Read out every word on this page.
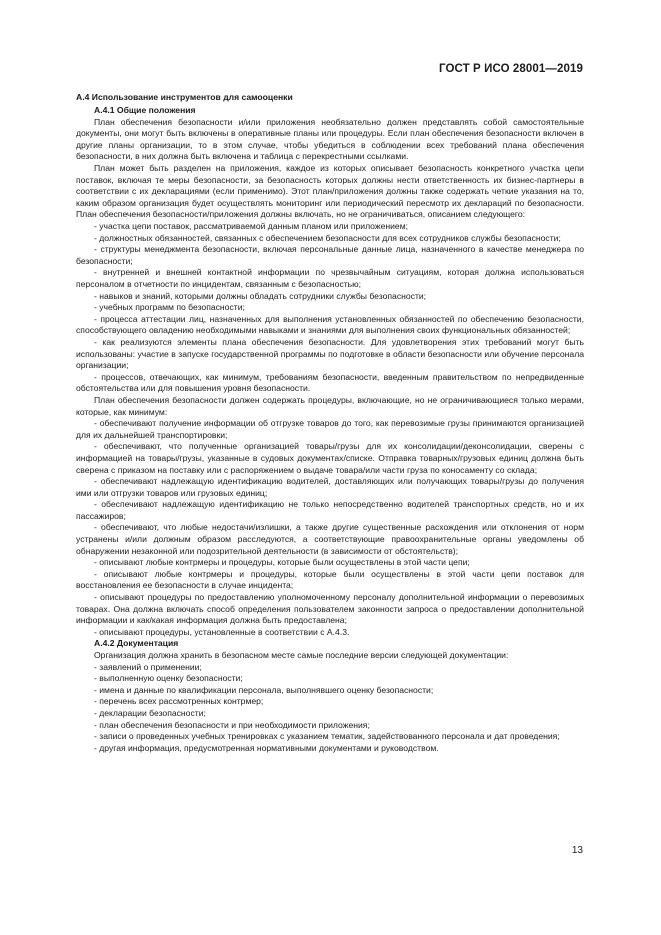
ГОСТ Р ИСО 28001—2019

А.4 Использование инструментов для самооценки

А.4.1 Общие положения

План обеспечения безопасности и/или приложения необязательно должен представлять собой самостоятельные документы, они могут быть включены в оперативные планы или процедуры. Если план обеспечения безопасности включен в другие планы организации, то в этом случае, чтобы убедиться в соблюдении всех требований плана обеспечения безопасности, в них должна быть включена и таблица с перекрестными ссылками.

План может быть разделен на приложения, каждое из которых описывает безопасность конкретного участка цепи поставок, включая те меры безопасности, за безопасность которых должны нести ответственность их бизнес-партнеры в соответствии с их декларациями (если применимо). Этот план/приложения должны также содержать четкие указания на то, каким образом организация будет осуществлять мониторинг или периодический пересмотр их деклараций по безопасности. План обеспечения безопасности/приложения должны включать, но не ограничиваться, описанием следующего:

- участка цепи поставок, рассматриваемой данным планом или приложением;

- должностных обязанностей, связанных с обеспечением безопасности для всех сотрудников службы безопасности;

- структуры менеджмента безопасности, включая персональные данные лица, назначенного в качестве менеджера по безопасности;

- внутренней и внешней контактной информации по чрезвычайным ситуациям, которая должна использоваться персоналом в отчетности по инцидентам, связанным с безопасностью;

- навыков и знаний, которыми должны обладать сотрудники службы безопасности;

- учебных программ по безопасности;

- процесса аттестации лиц, назначенных для выполнения установленных обязанностей по обеспечению безопасности, способствующего овладению необходимыми навыками и знаниями для выполнения своих функциональных обязанностей;

- как реализуются элементы плана обеспечения безопасности. Для удовлетворения этих требований могут быть использованы: участие в запуске государственной программы по подготовке в области безопасности или обучение персонала организации;

- процессов, отвечающих, как минимум, требованиям безопасности, введенным правительством по непредвиденные обстоятельства или для повышения уровня безопасности.

План обеспечения безопасности должен содержать процедуры, включающие, но не ограничивающиеся только мерами, которые, как минимум:

- обеспечивают получение информации об отгрузке товаров до того, как перевозимые грузы принимаются организацией для их дальнейшей транспортировки;

- обеспечивают, что полученные организацией товары/грузы для их консолидации/деконсолидации, сверены с информацией на товары/грузы, указанные в судовых документах/списке. Отправка товарных/грузовых единиц должна быть сверена с приказом на поставку или с распоряжением о выдаче товара/или части груза по коносаменту со склада;

- обеспечивают надлежащую идентификацию водителей, доставляющих или получающих товары/грузы до получения ими или отгрузки товаров или грузовых единиц;

- обеспечивают надлежащую идентификацию не только непосредственно водителей транспортных средств, но и их пассажиров;

- обеспечивают, что любые недостачи/излишки, а также другие существенные расхождения или отклонения от норм устранены и/или должным образом расследуются, а соответствующие правоохранительные органы уведомлены об обнаружении незаконной или подозрительной деятельности (в зависимости от обстоятельств);

- описывают любые контрмеры и процедуры, которые были осуществлены в этой части цепи;

- описывают любые контрмеры и процедуры, которые были осуществлены в этой части цепи поставок для восстановления ее безопасности в случае инцидента;

- описывают процедуры по предоставлению уполномоченному персоналу дополнительной информации о перевозимых товарах. Она должна включать способ определения пользователем законности запроса о предоставлении дополнительной информации и как/какая информация должна быть предоставлена;

- описывают процедуры, установленные в соответствии с А.4.3.

А.4.2 Документация

Организация должна хранить в безопасном месте самые последние версии следующей документации:

- заявлений о применении;

- выполненную оценку безопасности;

- имена и данные по квалификации персонала, выполнявшего оценку безопасности;

- перечень всех рассмотренных контрмер;

- декларации безопасности;

- план обеспечения безопасности и при необходимости приложения;

- записи о проведенных учебных тренировках с указанием тематик, задействованного персонала и дат проведения;

- другая информация, предусмотренная нормативными документами и руководством.

13
